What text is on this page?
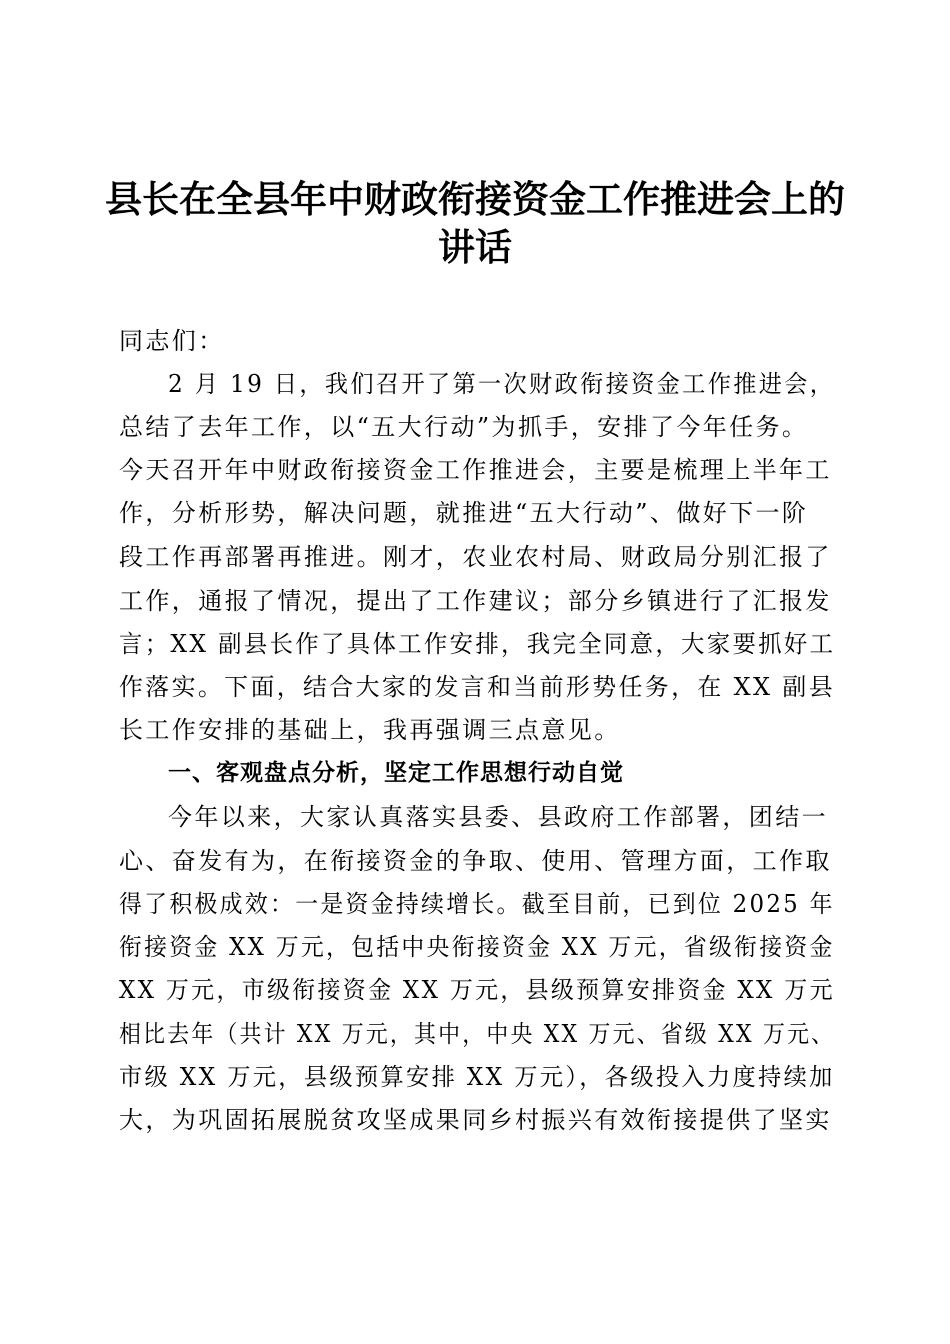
县长在全县年中财政衔接资金工作推进会上的
讲话
同志们：
2 月 19 日，我们召开了第一次财政衔接资金工作推进会，
总结了去年工作，以“五大行动”为抓手，安排了今年任务。
今天召开年中财政衔接资金工作推进会，主要是梳理上半年工
作，分析形势，解决问题，就推进“五大行动”、做好下一阶
段工作再部署再推进。刚才，农业农村局、财政局分别汇报了
工作，通报了情况，提出了工作建议；部分乡镇进行了汇报发
言；XX 副县长作了具体工作安排，我完全同意，大家要抓好工
作落实。下面，结合大家的发言和当前形势任务，在 XX 副县
长工作安排的基础上，我再强调三点意见。
一、客观盘点分析，坚定工作思想行动自觉
今年以来，大家认真落实县委、县政府工作部署，团结一
心、奋发有为，在衔接资金的争取、使用、管理方面，工作取
得了积极成效：一是资金持续增长。截至目前，已到位 2025 年
衔接资金 XX 万元，包括中央衔接资金 XX 万元，省级衔接资金
XX 万元，市级衔接资金 XX 万元，县级预算安排资金 XX 万元
相比去年（共计 XX 万元，其中，中央 XX 万元、省级 XX 万元、
市级 XX 万元，县级预算安排 XX 万元），各级投入力度持续加
大，为巩固拓展脱贫攻坚成果同乡村振兴有效衔接提供了坚实
